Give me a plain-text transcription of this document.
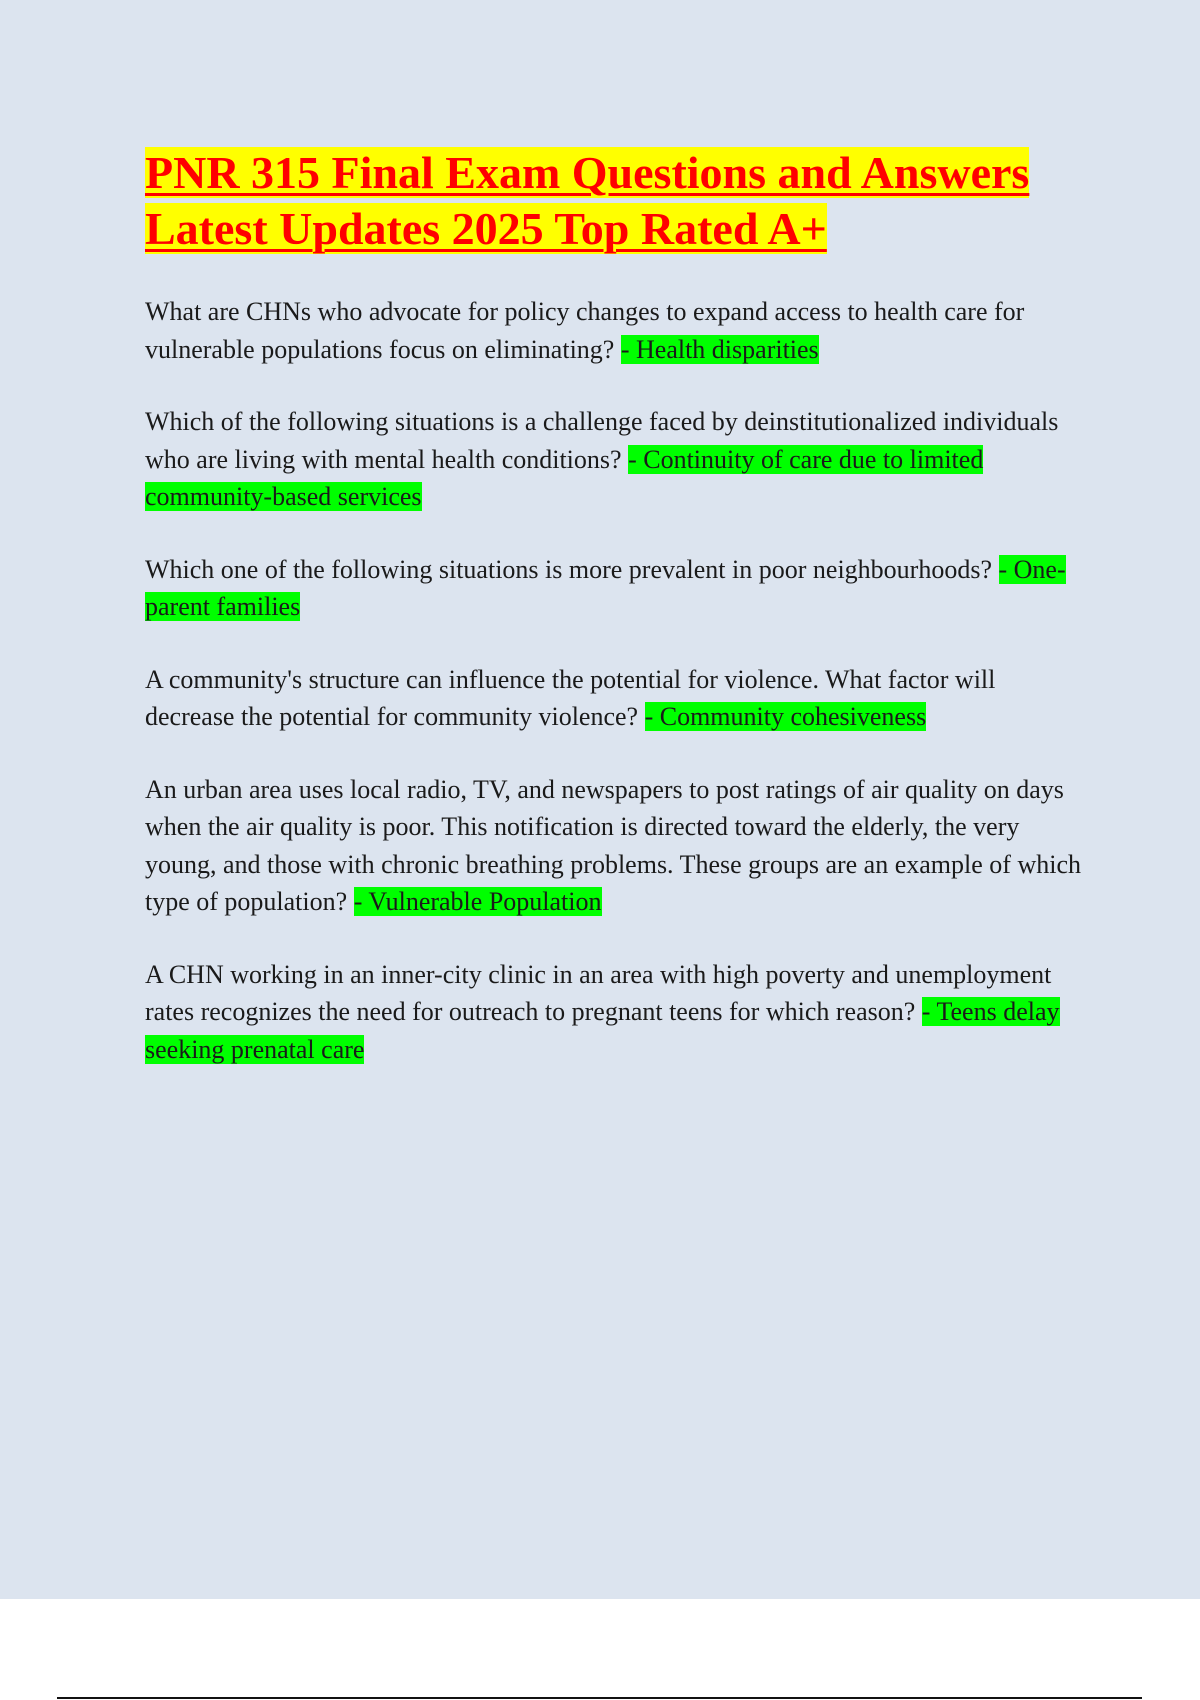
PNR 315 Final Exam Questions and Answers
Latest Updates 2025 Top Rated A+

What are CHNs who advocate for policy changes to expand access to health care for vulnerable populations focus on eliminating? - Health disparities

Which of the following situations is a challenge faced by deinstitutionalized individuals who are living with mental health conditions? - Continuity of care due to limited community-based services

Which one of the following situations is more prevalent in poor neighbourhoods? - One-parent families

A community's structure can influence the potential for violence. What factor will decrease the potential for community violence? - Community cohesiveness

An urban area uses local radio, TV, and newspapers to post ratings of air quality on days when the air quality is poor. This notification is directed toward the elderly, the very young, and those with chronic breathing problems. These groups are an example of which type of population? - Vulnerable Population

A CHN working in an inner-city clinic in an area with high poverty and unemployment rates recognizes the need for outreach to pregnant teens for which reason? - Teens delay seeking prenatal care
